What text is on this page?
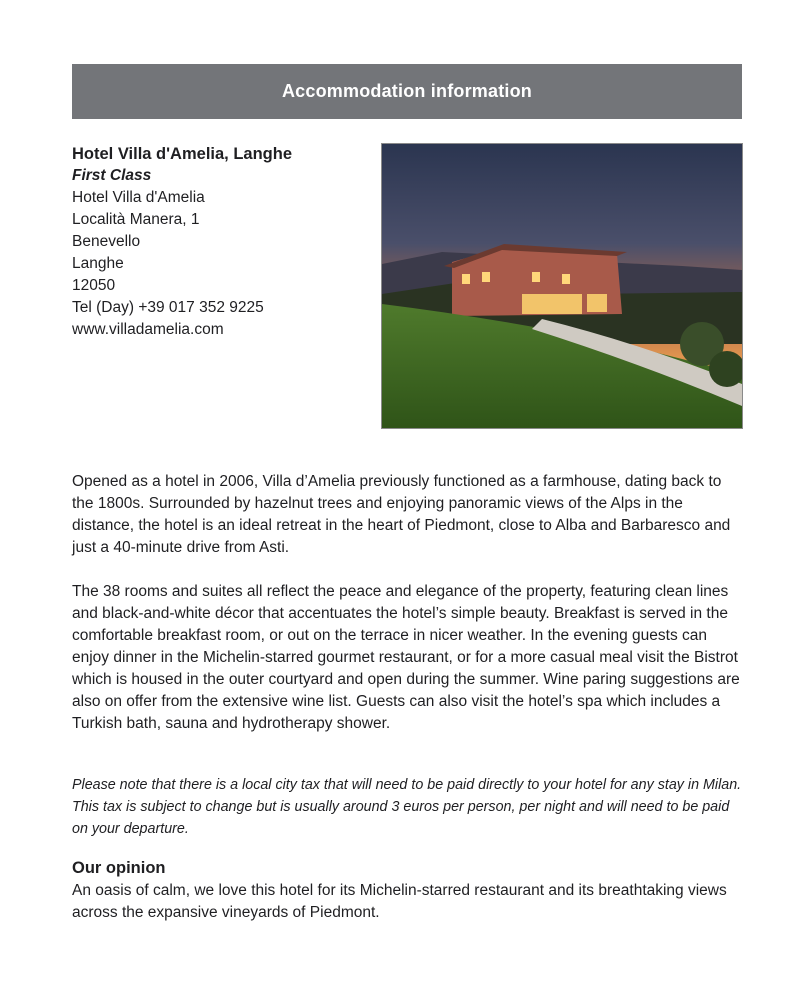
Accommodation information
Hotel Villa d'Amelia, Langhe
First Class
Hotel Villa d'Amelia
Località Manera, 1
Benevello
Langhe
12050
Tel (Day) +39 017 352 9225
www.villadamelia.com

Opened as a hotel in 2006, Villa d’Amelia previously functioned as a farmhouse, dating back to the 1800s. Surrounded by hazelnut trees and enjoying panoramic views of the Alps in the distance, the hotel is an ideal retreat in the heart of Piedmont, close to Alba and Barbaresco and just a 40-minute drive from Asti.

The 38 rooms and suites all reflect the peace and elegance of the property, featuring clean lines and black-and-white décor that accentuates the hotel’s simple beauty. Breakfast is served in the comfortable breakfast room, or out on the terrace in nicer weather. In the evening guests can enjoy dinner in the Michelin-starred gourmet restaurant, or for a more casual meal visit the Bistrot which is housed in the outer courtyard and open during the summer. Wine paring suggestions are also on offer from the extensive wine list. Guests can also visit the hotel’s spa which includes a Turkish bath, sauna and hydrotherapy shower.

Please note that there is a local city tax that will need to be paid directly to your hotel for any stay in Milan. This tax is subject to change but is usually around 3 euros per person, per night and will need to be paid on your departure.

Our opinion

An oasis of calm, we love this hotel for its Michelin-starred restaurant and its breathtaking views across the expansive vineyards of Piedmont.
